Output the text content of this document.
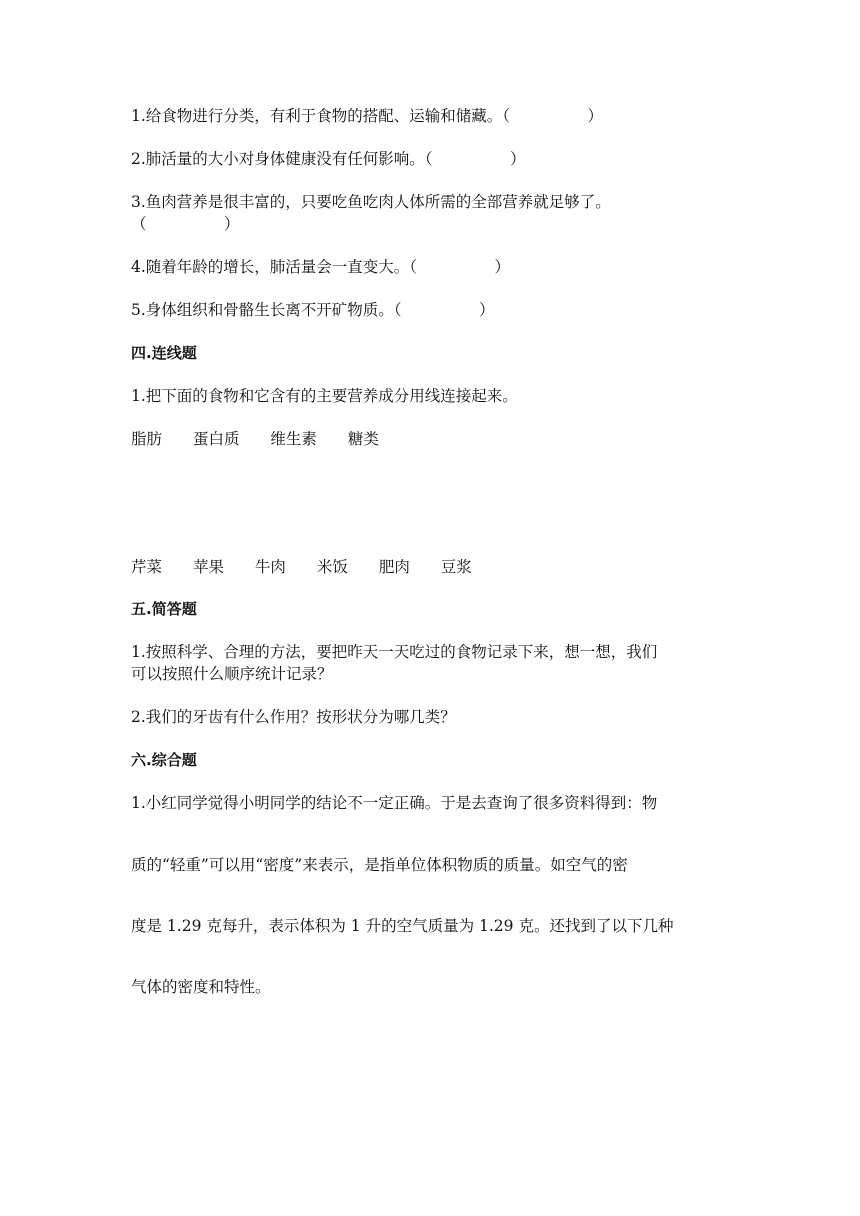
1.给食物进行分类，有利于食物的搭配、运输和储藏。（　　　　　）
2.肺活量的大小对身体健康没有任何影响。（　　　　　）
3.鱼肉营养是很丰富的，只要吃鱼吃肉人体所需的全部营养就足够了。
（　　　　　）
4.随着年龄的增长，肺活量会一直变大。（　　　　　）
5.身体组织和骨骼生长离不开矿物质。（　　　　　）
四.连线题
1.把下面的食物和它含有的主要营养成分用线连接起来。
脂肪 蛋白质 维生素 糖类
芹菜 苹果 牛肉 米饭 肥肉 豆浆
五.简答题
1.按照科学、合理的方法，要把昨天一天吃过的食物记录下来，想一想，我们
可以按照什么顺序统计记录？
2.我们的牙齿有什么作用？按形状分为哪几类？
六.综合题
1.小红同学觉得小明同学的结论不一定正确。于是去查询了很多资料得到：物
质的“轻重”可以用“密度”来表示，是指单位体积物质的质量。如空气的密
度是 1.29 克每升，表示体积为 1 升的空气质量为 1.29 克。还找到了以下几种
气体的密度和特性。
